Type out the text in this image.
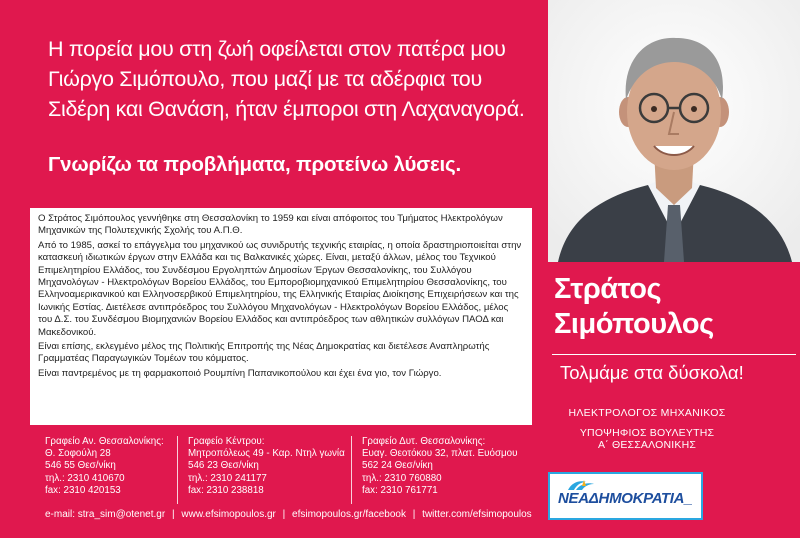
Η πορεία μου στη ζωή οφείλεται στον πατέρα μου
Γιώργο Σιμόπουλο, που μαζί με τα αδέρφια του
Σιδέρη και Θανάση, ήταν έμποροι στη Λαχαναγορά.
Γνωρίζω τα προβλήματα, προτείνω λύσεις.

Ο Στράτος Σιμόπουλος γεννήθηκε στη Θεσσαλονίκη το 1959 και είναι απόφοιτος του Τμήματος Ηλεκτρολόγων Μηχανικών της Πολυτεχνικής Σχολής του Α.Π.Θ.

Από το 1985, ασκεί το επάγγελμα του μηχανικού ως συνιδρυτής τεχνικής εταιρίας, η οποία δραστηριοποιείται στην κατασκευή ιδιωτικών έργων στην Ελλάδα και τις Βαλκανικές χώρες. Είναι, μεταξύ άλλων, μέλος του Τεχνικού Επιμελητηρίου Ελλάδος, του Συνδέσμου Εργοληπτών Δημοσίων Έργων Θεσσαλονίκης, του Συλλόγου Μηχανολόγων - Ηλεκτρολόγων Βορείου Ελλάδος, του Εμποροβιομηχανικού Επιμελητηρίου Θεσσαλονίκης, του Ελληνοαμερικανικού και Ελληνοσερβικού Επιμελητηρίου, της Ελληνικής Εταιρίας Διοίκησης Επιχειρήσεων και της Ιωνικής Εστίας. Διετέλεσε αντιπρόεδρος του Συλλόγου Μηχανολόγων - Ηλεκτρολόγων Βορείου Ελλάδος, μέλος του Δ.Σ. του Συνδέσμου Βιομηχανιών Βορείου Ελλάδος και αντιπρόεδρος των αθλητικών συλλόγων ΠΑΟΔ και Μακεδονικού.

Είναι επίσης, εκλεγμένο μέλος της Πολιτικής Επιτροπής της Νέας Δημοκρατίας και διετέλεσε Αναπληρωτής Γραμματέας Παραγωγικών Τομέων του κόμματος.

Είναι παντρεμένος με τη φαρμακοποιό Ρουμπίνη Παπανικοπούλου και έχει ένα γιο, τον Γιώργο.

Στράτος
Σιμόπουλος
Τολμάμε στα δύσκολα!
ΗΛΕΚΤΡΟΛΟΓΟΣ ΜΗΧΑΝΙΚΟΣ
ΥΠΟΨΗΦΙΟΣ ΒΟΥΛΕΥΤΗΣ
Α΄ ΘΕΣΣΑΛΟΝΙΚΗΣ
ΝΕΑΔΗΜΟΚΡΑΤΙΑ_
Γραφείο Αν. Θεσσαλονίκης:
Θ. Σοφούλη 28
546 55 Θεσ/νίκη
τηλ.: 2310 410670
fax: 2310 420153
Γραφείο Κέντρου:
Μητροπόλεως 49 - Καρ. Ντηλ γωνία
546 23 Θεσ/νίκη
τηλ.: 2310 241177
fax: 2310 238818
Γραφείο Δυτ. Θεσσαλονίκης:
Ευαγ. Θεοτόκου 32, πλατ. Ευόσμου
562 24 Θεσ/νίκη
τηλ.: 2310 760880
fax: 2310 761771
e-mail: stra_sim@otenet.gr | www.efsimopoulos.gr | efsimopoulos.gr/facebook | twitter.com/efsimopoulos
